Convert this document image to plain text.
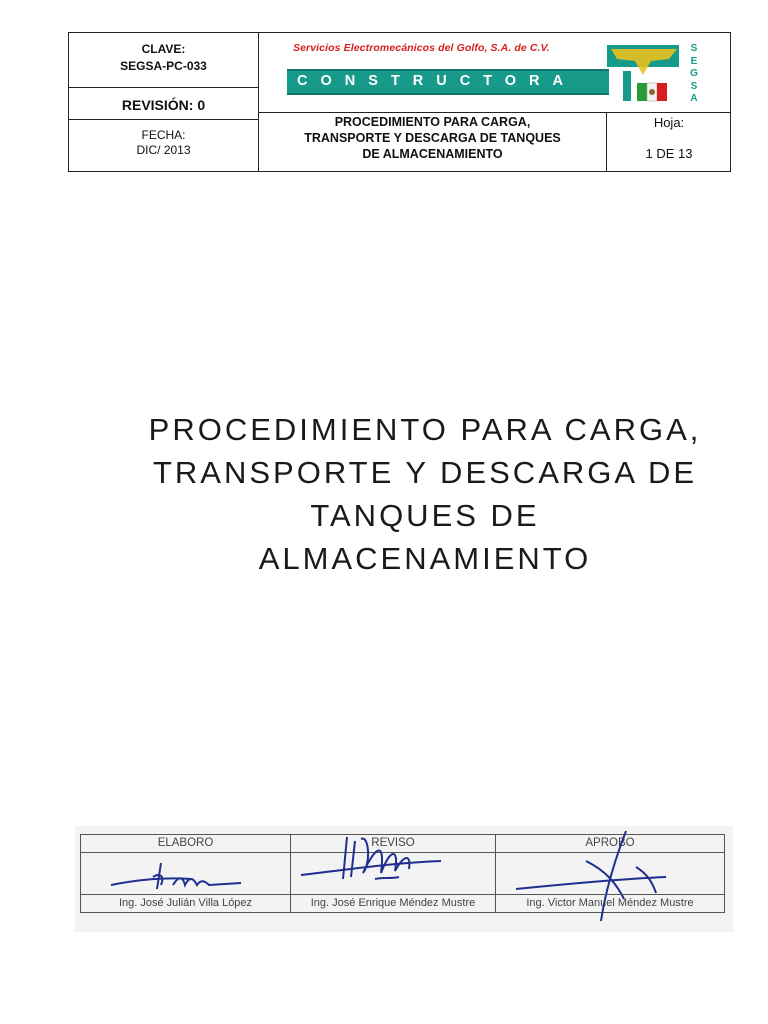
CLAVE:
SEGSA-PC-033
REVISIÓN: 0
FECHA:
DIC/ 2013
PROCEDIMIENTO PARA CARGA,
TRANSPORTE Y DESCARGA DE TANQUES
DE ALMACENAMIENTO
Hoja:
1 DE 13
Servicios Electromecánicos del Golfo, S.A. de C.V.
CONSTRUCTORA
S
E
G
S
A
PROCEDIMIENTO PARA CARGA,
TRANSPORTE Y DESCARGA DE
TANQUES DE
ALMACENAMIENTO
ELABORO
Ing. José Julián Villa López
REVISO
Ing. José Enrique Méndez Mustre
APROBO
Ing. Victor Manuel Méndez Mustre
